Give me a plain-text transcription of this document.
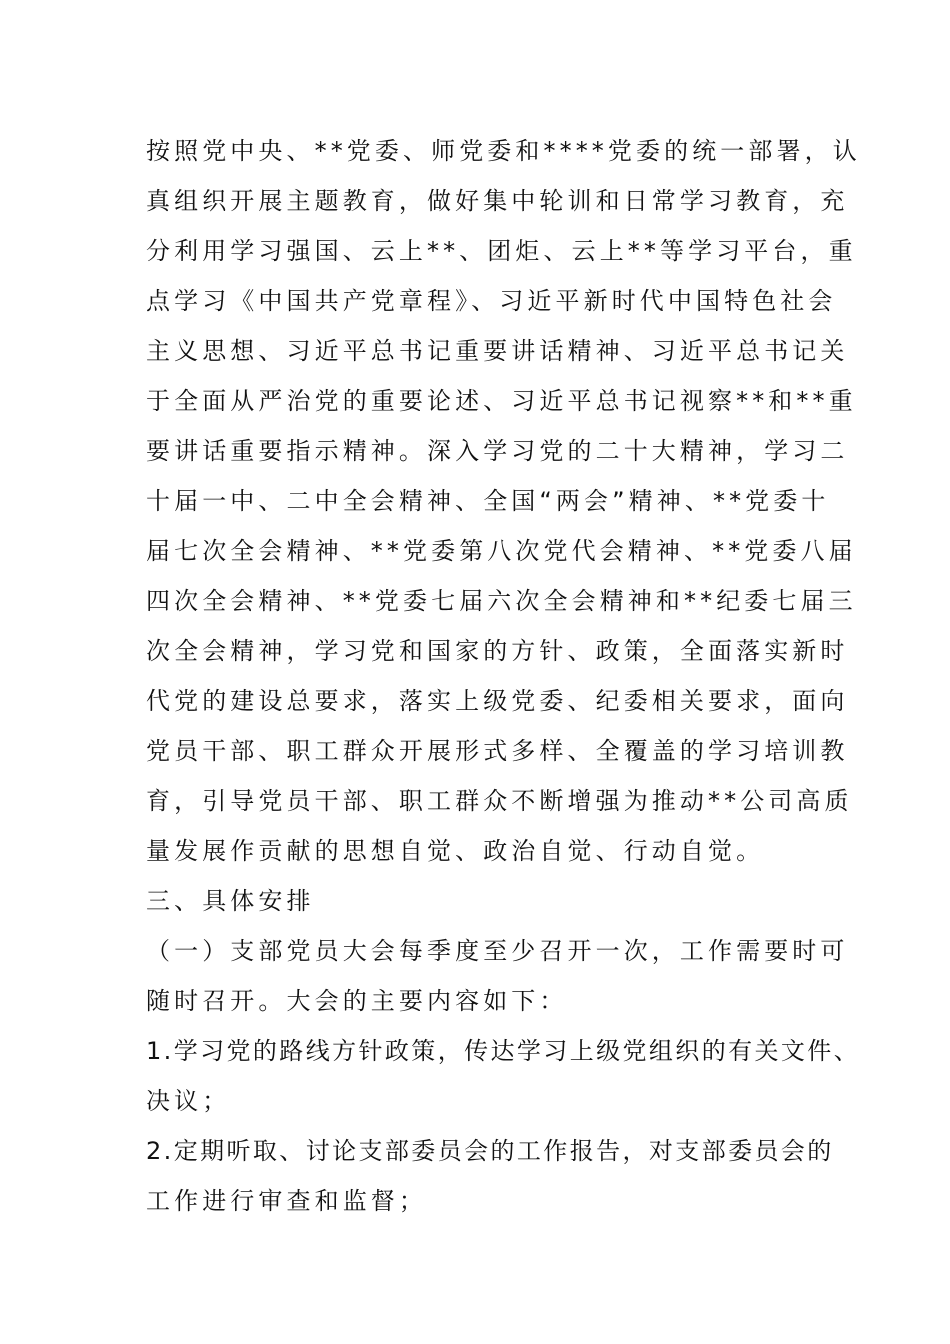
按照党中央、**党委、师党委和****党委的统一部署，认
真组织开展主题教育，做好集中轮训和日常学习教育，充
分利用学习强国、云上**、团炬、云上**等学习平台，重
点学习《中国共产党章程》、习近平新时代中国特色社会
主义思想、习近平总书记重要讲话精神、习近平总书记关
于全面从严治党的重要论述、习近平总书记视察**和**重
要讲话重要指示精神。深入学习党的二十大精神，学习二
十届一中、二中全会精神、全国“两会”精神、**党委十
届七次全会精神、**党委第八次党代会精神、**党委八届
四次全会精神、**党委七届六次全会精神和**纪委七届三
次全会精神，学习党和国家的方针、政策，全面落实新时
代党的建设总要求，落实上级党委、纪委相关要求，面向
党员干部、职工群众开展形式多样、全覆盖的学习培训教
育，引导党员干部、职工群众不断增强为推动**公司高质
量发展作贡献的思想自觉、政治自觉、行动自觉。
三、具体安排
（一）支部党员大会每季度至少召开一次，工作需要时可
随时召开。大会的主要内容如下：
1.学习党的路线方针政策，传达学习上级党组织的有关文件、
决议；
2.定期听取、讨论支部委员会的工作报告，对支部委员会的
工作进行审查和监督；
